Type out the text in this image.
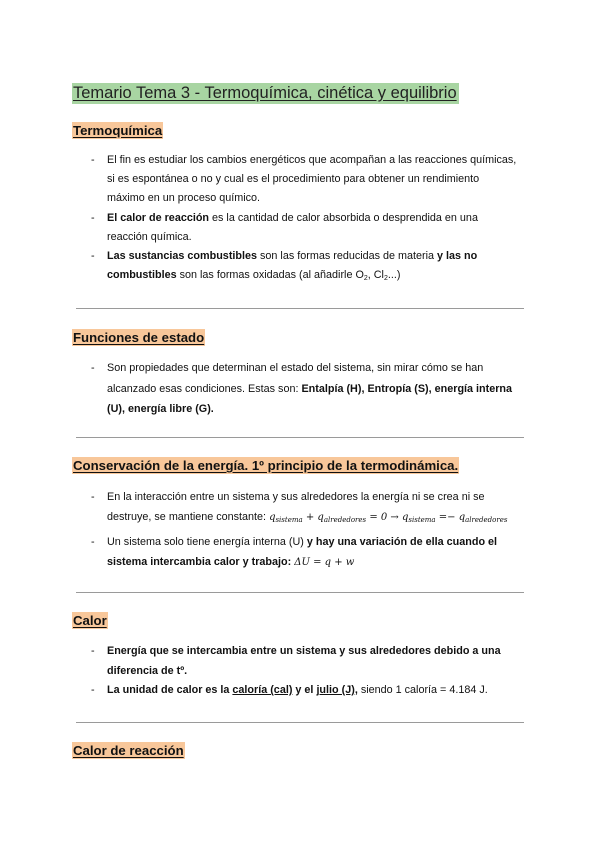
Temario Tema 3 - Termoquímica, cinética y equilibrio
Termoquímica
- El fin es estudiar los cambios energéticos que acompañan a las reacciones químicas, si es espontánea o no y cual es el procedimiento para obtener un rendimiento máximo en un proceso químico.
- El calor de reacción es la cantidad de calor absorbida o desprendida en una reacción química.
- Las sustancias combustibles son las formas reducidas de materia y las no combustibles son las formas oxidadas (al añadirle $O_2$, $Cl_2$...)
Funciones de estado
- Son propiedades que determinan el estado del sistema, sin mirar cómo se han alcanzado esas condiciones. Estas son: Entalpía (H), Entropía (S), energía interna (U), energía libre (G).
Conservación de la energía. 1º principio de la termodinámica.
- En la interacción entre un sistema y sus alrededores la energía ni se crea ni se destruye, se mantiene constante: $q_{sistema} + q_{alrededores} = 0 \to q_{sistema} =- q_{alrededores}$
- Un sistema solo tiene energía interna (U) y hay una variación de ella cuando el sistema intercambia calor y trabajo: ΔU = q + w
Calor
- Energía que se intercambia entre un sistema y sus alrededores debido a una diferencia de tº.
- La unidad de calor es la caloría (cal) y el julio (J), siendo 1 caloría = 4.184 J.
Calor de reacción
